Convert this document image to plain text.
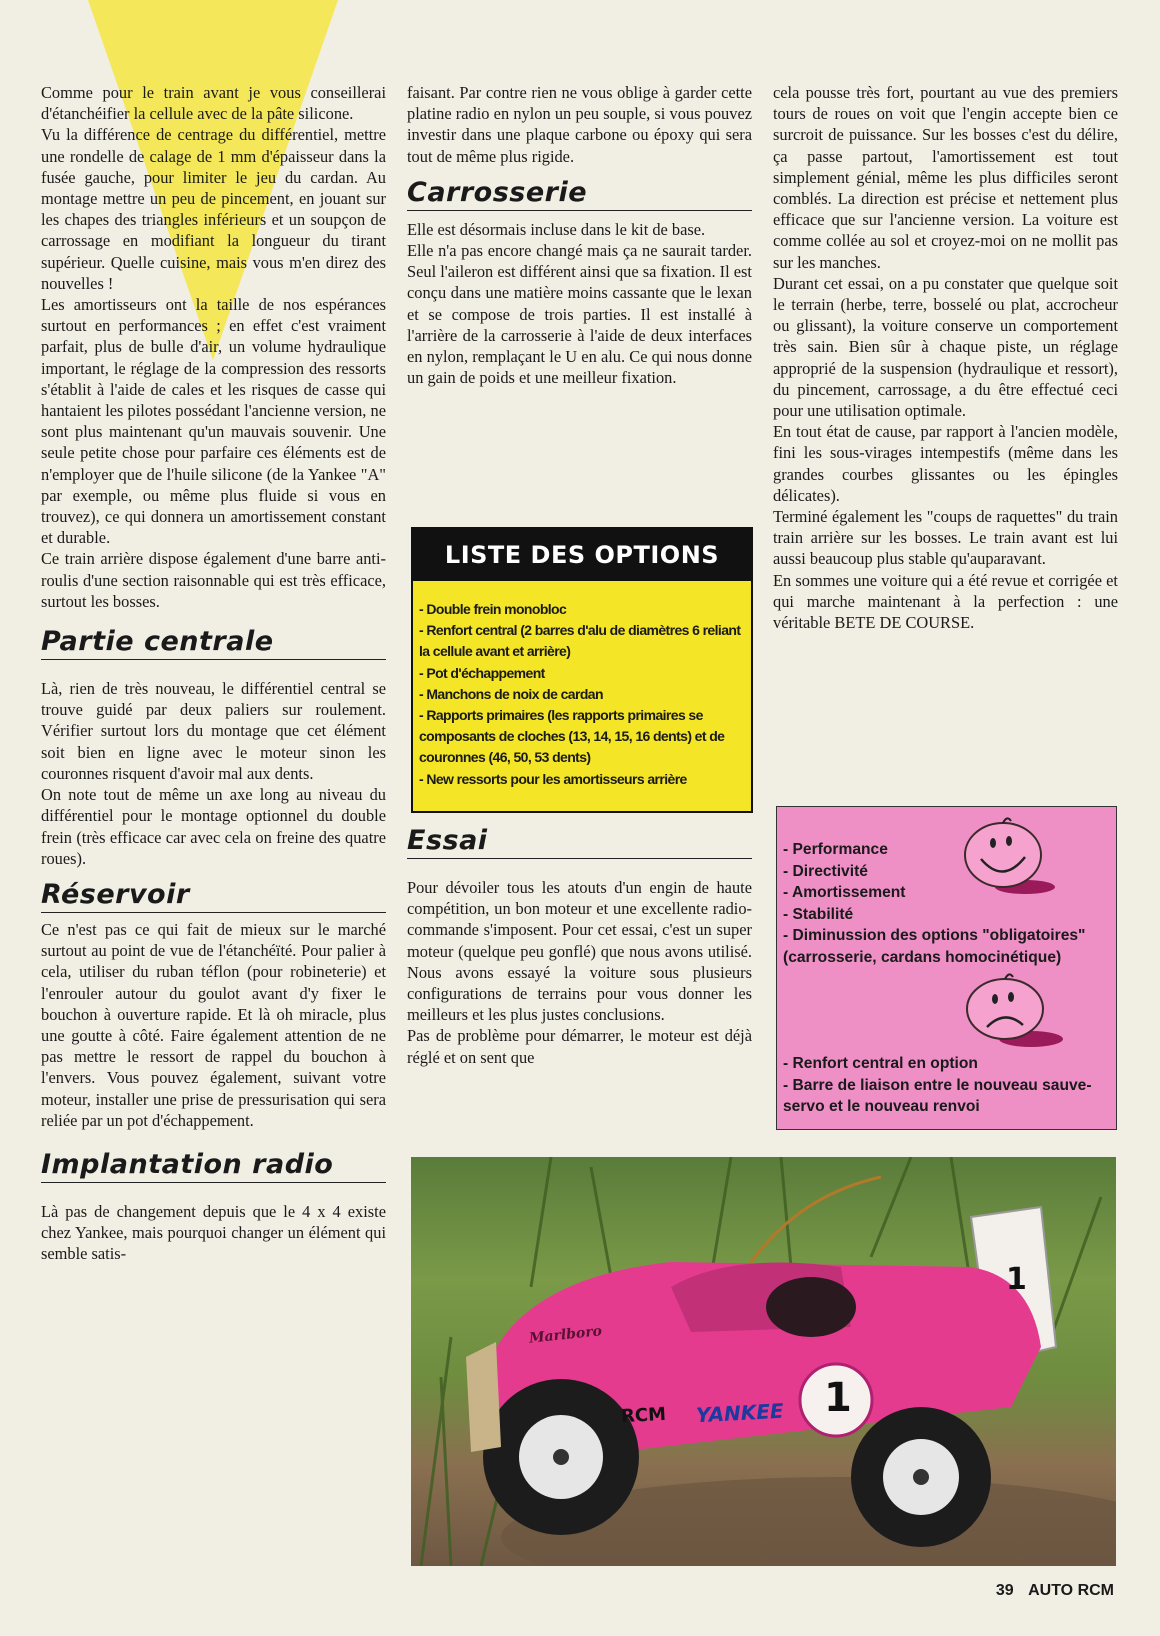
Comme pour le train avant je vous conseillerai d'étanchéifier la cellule avec de la pâte silicone.

Vu la différence de centrage du différentiel, mettre une rondelle de calage de 1 mm d'épaisseur dans la fusée gauche, pour limiter le jeu du cardan. Au montage mettre un peu de pincement, en jouant sur les chapes des triangles inférieurs et un soupçon de carrossage en modifiant la longueur du tirant supérieur. Quelle cuisine, mais vous m'en direz des nouvelles !

Les amortisseurs ont la taille de nos espérances surtout en performances ; en effet c'est vraiment parfait, plus de bulle d'air, un volume hydraulique important, le réglage de la compression des ressorts s'établit à l'aide de cales et les risques de casse qui hantaient les pilotes possédant l'ancienne version, ne sont plus maintenant qu'un mauvais souvenir. Une seule petite chose pour parfaire ces éléments est de n'employer que de l'huile silicone (de la Yankee "A" par exemple, ou même plus fluide si vous en trouvez), ce qui donnera un amortissement constant et durable.

Ce train arrière dispose également d'une barre anti-roulis d'une section raisonnable qui est très efficace, surtout les bosses.

Partie centrale

Là, rien de très nouveau, le différentiel central se trouve guidé par deux paliers sur roulement. Vérifier surtout lors du montage que cet élément soit bien en ligne avec le moteur sinon les couronnes risquent d'avoir mal aux dents.

On note tout de même un axe long au niveau du différentiel pour le montage optionnel du double frein (très efficace car avec cela on freine des quatre roues).

Réservoir

Ce n'est pas ce qui fait de mieux sur le marché surtout au point de vue de l'étanchéïté. Pour palier à cela, utiliser du ruban téflon (pour robineterie) et l'enrouler autour du goulot avant d'y fixer le bouchon à ouverture rapide. Et là oh miracle, plus une goutte à côté. Faire également attention de ne pas mettre le ressort de rappel du bouchon à l'envers. Vous pouvez également, suivant votre moteur, installer une prise de pressurisation qui sera reliée par un pot d'échappement.

Implantation radio

Là pas de changement depuis que le 4 x 4 existe chez Yankee, mais pourquoi changer un élément qui semble satis-

faisant. Par contre rien ne vous oblige à garder cette platine radio en nylon un peu souple, si vous pouvez investir dans une plaque carbone ou époxy qui sera tout de même plus rigide.

Carrosserie

Elle est désormais incluse dans le kit de base.

Elle n'a pas encore changé mais ça ne saurait tarder. Seul l'aileron est différent ainsi que sa fixation. Il est conçu dans une matière moins cassante que le lexan et se compose de trois parties. Il est installé à l'arrière de la carrosserie à l'aide de deux interfaces en nylon, remplaçant le U en alu. Ce qui nous donne un gain de poids et une meilleur fixation.

Essai

Pour dévoiler tous les atouts d'un engin de haute compétition, un bon moteur et une excellente radio-commande s'imposent. Pour cet essai, c'est un super moteur (quelque peu gonflé) que nous avons utilisé. Nous avons essayé la voiture sous plusieurs configurations de terrains pour vous donner les meilleurs et les plus justes conclusions.

Pas de problème pour démarrer, le moteur est déjà réglé et on sent que

LISTE DES OPTIONS
- Double frein monobloc
- Renfort central (2 barres d'alu de diamètres 6 reliant la cellule avant et arrière)
- Pot d'échappement
- Manchons de noix de cardan
- Rapports primaires (les rapports primaires se composants de cloches (13, 14, 15, 16 dents) et de couronnes (46, 50, 53 dents)
- New ressorts pour les amortisseurs arrière

cela pousse très fort, pourtant au vue des premiers tours de roues on voit que l'engin accepte bien ce surcroit de puissance. Sur les bosses c'est du délire, ça passe partout, l'amortissement est tout simplement génial, même les plus difficiles seront comblés. La direction est précise et nettement plus efficace que sur l'ancienne version. La voiture est comme collée au sol et croyez-moi on ne mollit pas sur les manches.

Durant cet essai, on a pu constater que quelque soit le terrain (herbe, terre, bosselé ou plat, accrocheur ou glissant), la voiture conserve un comportement très sain. Bien sûr à chaque piste, un réglage approprié de la suspension (hydraulique et ressort), du pincement, carrossage, a du être effectué ceci pour une utilisation optimale.

En tout état de cause, par rapport à l'ancien modèle, fini les sous-virages intempestifs (même dans les grandes courbes glissantes ou les épingles délicates).

Terminé également les "coups de raquettes" du train train arrière sur les bosses. Le train avant est lui aussi beaucoup plus stable qu'auparavant.

En sommes une voiture qui a été revue et corrigée et qui marche maintenant à la perfection : une véritable BETE DE COURSE.

- Performance
- Directivité
- Amortissement
- Stabilité
- Diminussion des options "obligatoires" (carrosserie, cardans homocinétique)
- Renfort central en option
- Barre de liaison entre le nouveau sauve-servo et le nouveau renvoi
Marlboro
YANKEE
RCM	1
1
39 AUTO RCM
